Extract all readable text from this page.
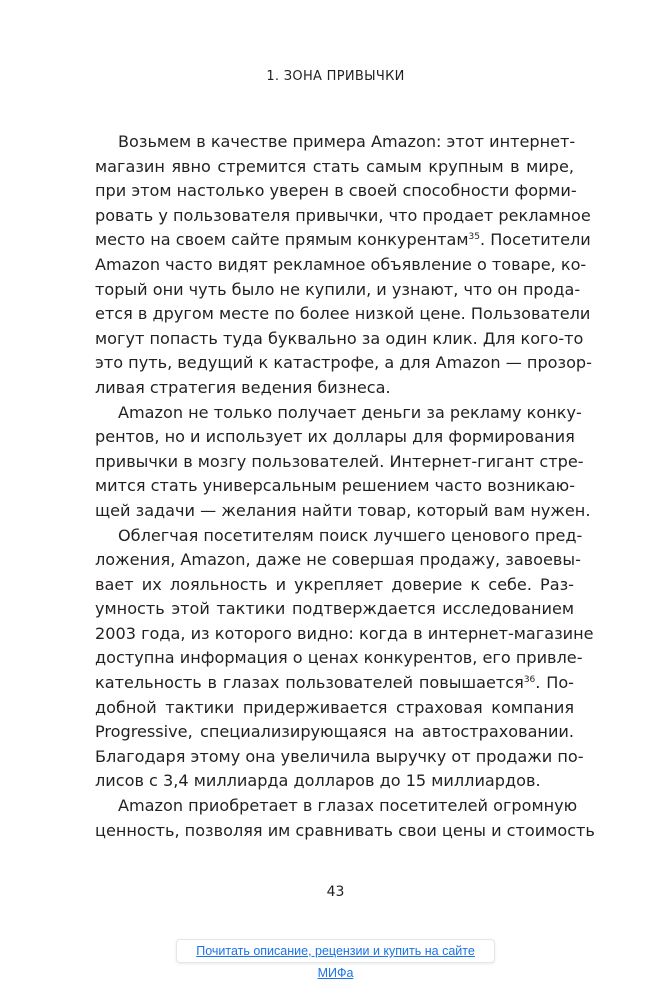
1. ЗОНА ПРИВЫЧКИ
Возьмем в качестве примера Amazon: этот интернет-
магазин явно стремится стать самым крупным в мире,
при этом настолько уверен в своей способности форми-
ровать у пользователя привычки, что продает рекламное
место на своем сайте прямым конкурентам$^{35}$. Посетители
Amazon часто видят рекламное объявление о товаре, ко-
торый они чуть было не купили, и узнают, что он прода-
ется в другом месте по более низкой цене. Пользователи
могут попасть туда буквально за один клик. Для кого-то
это путь, ведущий к катастрофе, а для Amazon — прозор-
ливая стратегия ведения бизнеса.
Amazon не только получает деньги за рекламу конку-
рентов, но и использует их доллары для формирования
привычки в мозгу пользователей. Интернет-гигант стре-
мится стать универсальным решением часто возникаю-
щей задачи — желания найти товар, который вам нужен.
Облегчая посетителям поиск лучшего ценового пред-
ложения, Amazon, даже не совершая продажу, завоевы-
вает их лояльность и укрепляет доверие к себе. Раз-
умность этой тактики подтверждается исследованием
2003 года, из которого видно: когда в интернет-магазине
доступна информация о ценах конкурентов, его привле-
кательность в глазах пользователей повышается$^{36}$. По-
добной тактики придерживается страховая компания
Progressive, специализирующаяся на автостраховании.
Благодаря этому она увеличила выручку от продажи по-
лисов с 3,4 миллиарда долларов до 15 миллиардов.
Amazon приобретает в глазах посетителей огромную
ценность, позволяя им сравнивать свои цены и стоимость
43
Почитать описание, рецензии и купить на сайте МИФа
